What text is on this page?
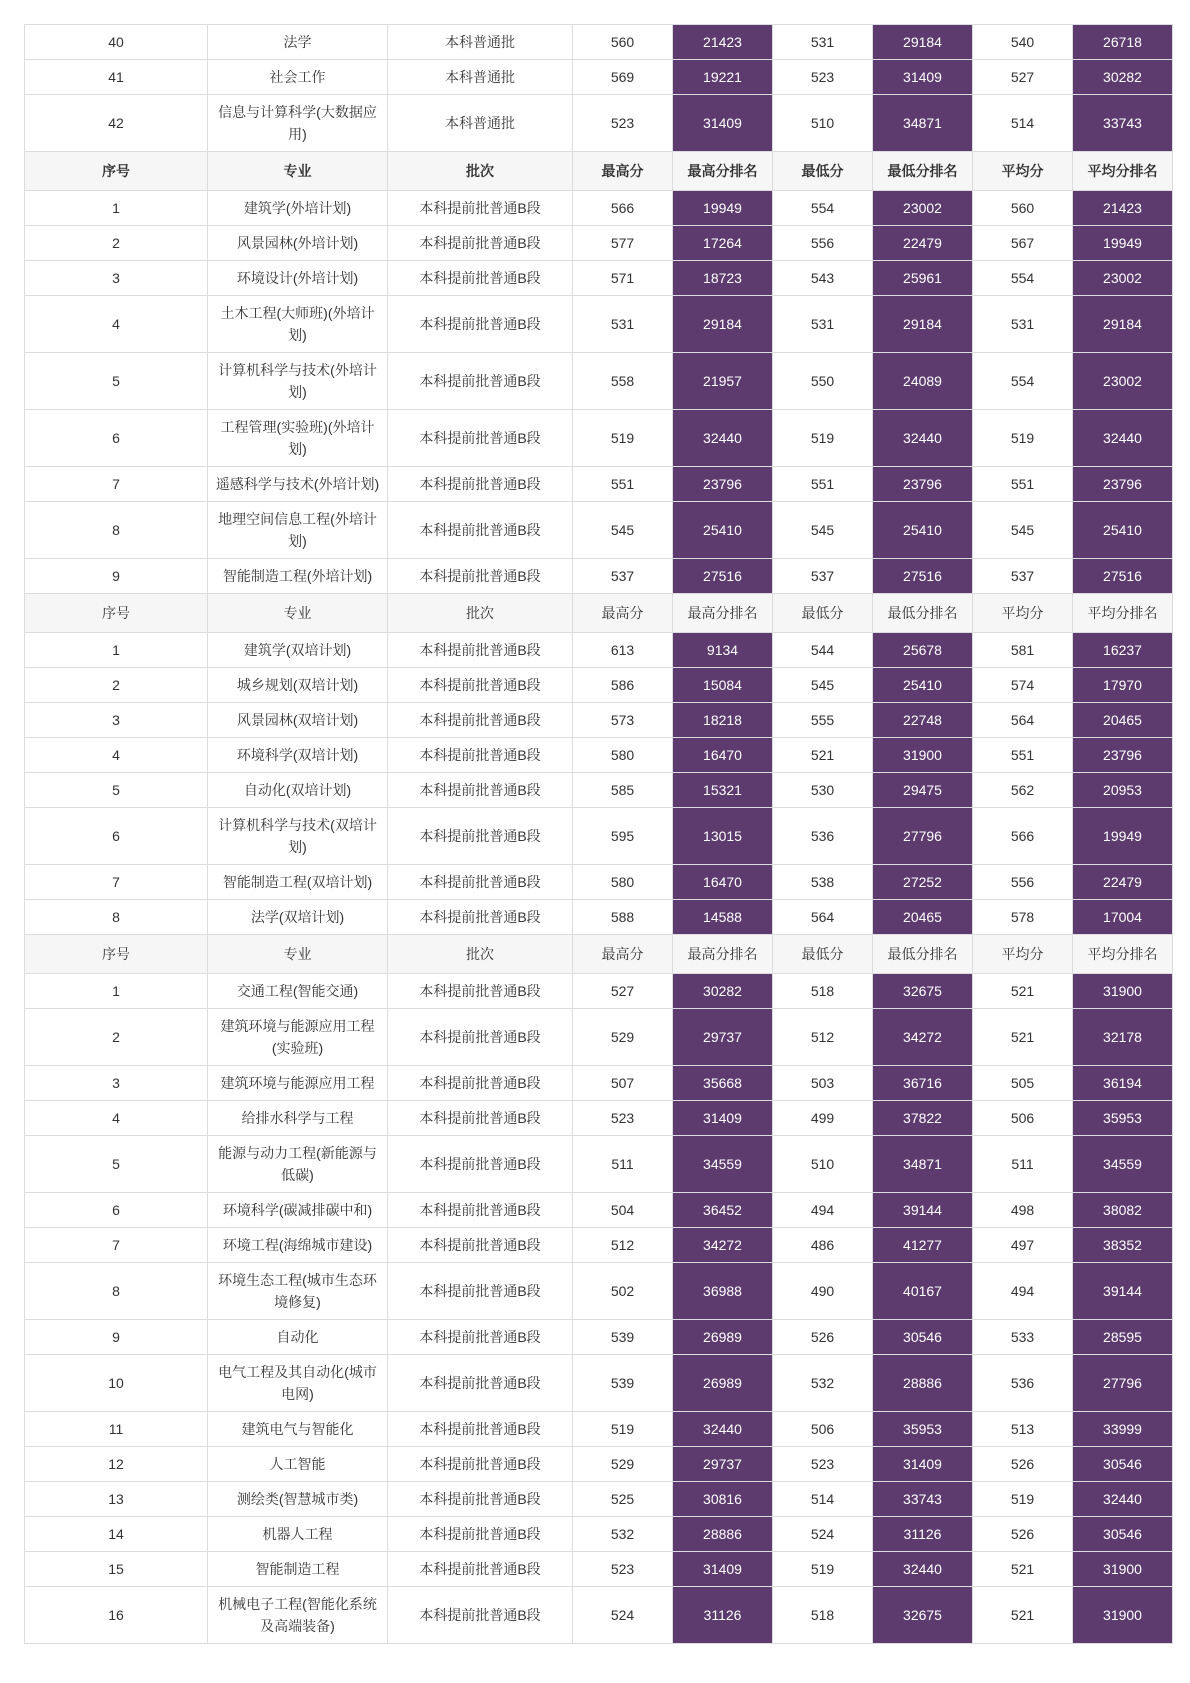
40	法学	本科普通批	560	21423	531	29184	540	26718
41	社会工作	本科普通批	569	19221	523	31409	527	30282
42	信息与计算科学(大数据应用)	本科普通批	523	31409	510	34871	514	33743
序号	专业	批次	最高分	最高分排名	最低分	最低分排名	平均分	平均分排名
1	建筑学(外培计划)	本科提前批普通B段	566	19949	554	23002	560	21423
2	风景园林(外培计划)	本科提前批普通B段	577	17264	556	22479	567	19949
3	环境设计(外培计划)	本科提前批普通B段	571	18723	543	25961	554	23002
4	土木工程(大师班)(外培计划)	本科提前批普通B段	531	29184	531	29184	531	29184
5	计算机科学与技术(外培计划)	本科提前批普通B段	558	21957	550	24089	554	23002
6	工程管理(实验班)(外培计划)	本科提前批普通B段	519	32440	519	32440	519	32440
7	遥感科学与技术(外培计划)	本科提前批普通B段	551	23796	551	23796	551	23796
8	地理空间信息工程(外培计划)	本科提前批普通B段	545	25410	545	25410	545	25410
9	智能制造工程(外培计划)	本科提前批普通B段	537	27516	537	27516	537	27516
序号	专业	批次	最高分	最高分排名	最低分	最低分排名	平均分	平均分排名
1	建筑学(双培计划)	本科提前批普通B段	613	9134	544	25678	581	16237
2	城乡规划(双培计划)	本科提前批普通B段	586	15084	545	25410	574	17970
3	风景园林(双培计划)	本科提前批普通B段	573	18218	555	22748	564	20465
4	环境科学(双培计划)	本科提前批普通B段	580	16470	521	31900	551	23796
5	自动化(双培计划)	本科提前批普通B段	585	15321	530	29475	562	20953
6	计算机科学与技术(双培计划)	本科提前批普通B段	595	13015	536	27796	566	19949
7	智能制造工程(双培计划)	本科提前批普通B段	580	16470	538	27252	556	22479
8	法学(双培计划)	本科提前批普通B段	588	14588	564	20465	578	17004
序号	专业	批次	最高分	最高分排名	最低分	最低分排名	平均分	平均分排名
1	交通工程(智能交通)	本科提前批普通B段	527	30282	518	32675	521	31900
2	建筑环境与能源应用工程(实验班)	本科提前批普通B段	529	29737	512	34272	521	32178
3	建筑环境与能源应用工程	本科提前批普通B段	507	35668	503	36716	505	36194
4	给排水科学与工程	本科提前批普通B段	523	31409	499	37822	506	35953
5	能源与动力工程(新能源与低碳)	本科提前批普通B段	511	34559	510	34871	511	34559
6	环境科学(碳减排碳中和)	本科提前批普通B段	504	36452	494	39144	498	38082
7	环境工程(海绵城市建设)	本科提前批普通B段	512	34272	486	41277	497	38352
8	环境生态工程(城市生态环境修复)	本科提前批普通B段	502	36988	490	40167	494	39144
9	自动化	本科提前批普通B段	539	26989	526	30546	533	28595
10	电气工程及其自动化(城市电网)	本科提前批普通B段	539	26989	532	28886	536	27796
11	建筑电气与智能化	本科提前批普通B段	519	32440	506	35953	513	33999
12	人工智能	本科提前批普通B段	529	29737	523	31409	526	30546
13	测绘类(智慧城市类)	本科提前批普通B段	525	30816	514	33743	519	32440
14	机器人工程	本科提前批普通B段	532	28886	524	31126	526	30546
15	智能制造工程	本科提前批普通B段	523	31409	519	32440	521	31900
16	机械电子工程(智能化系统及高端装备)	本科提前批普通B段	524	31126	518	32675	521	31900
